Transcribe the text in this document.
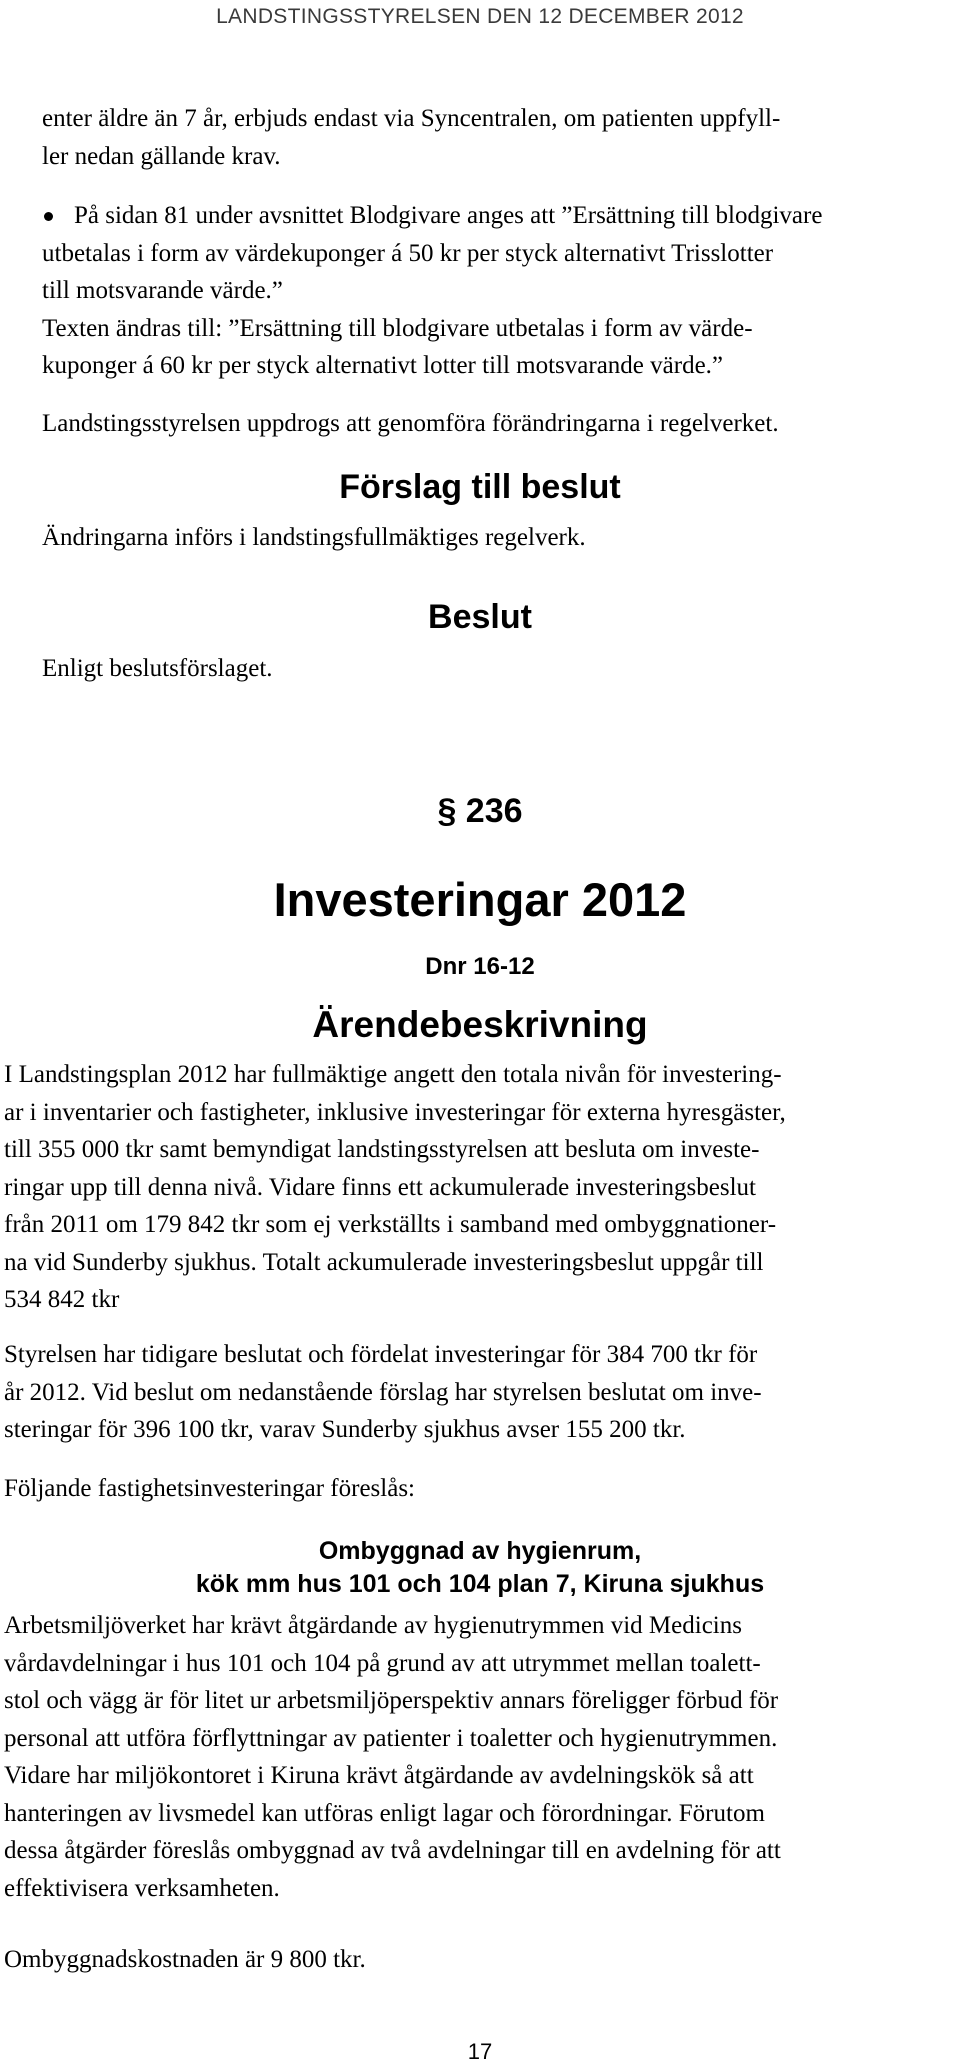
LANDSTINGSSTYRELSEN DEN 12 DECEMBER 2012
enter äldre än 7 år, erbjuds endast via Syncentralen, om patienten uppfyll-
ler nedan gällande krav.
På sidan 81 under avsnittet Blodgivare anges att ”Ersättning till blodgivare
utbetalas i form av värdekuponger á 50 kr per styck alternativt Trisslotter
till motsvarande värde.”
Texten ändras till: ”Ersättning till blodgivare utbetalas i form av värde-
kuponger á 60 kr per styck alternativt lotter till motsvarande värde.”
Landstingsstyrelsen uppdrogs att genomföra förändringarna i regelverket.
Förslag till beslut
Ändringarna införs i landstingsfullmäktiges regelverk.
Beslut
Enligt beslutsförslaget.
§ 236
Investeringar 2012
Dnr 16-12
Ärendebeskrivning
I Landstingsplan 2012 har fullmäktige angett den totala nivån för investering-
ar i inventarier och fastigheter, inklusive investeringar för externa hyresgäster,
till 355 000 tkr samt bemyndigat landstingsstyrelsen att besluta om investe-
ringar upp till denna nivå. Vidare finns ett ackumulerade investeringsbeslut
från 2011 om 179 842 tkr som ej verkställts i samband med ombyggnationer-
na vid Sunderby sjukhus. Totalt ackumulerade investeringsbeslut uppgår till
534 842 tkr
Styrelsen har tidigare beslutat och fördelat investeringar för 384 700 tkr för
år 2012. Vid beslut om nedanstående förslag har styrelsen beslutat om inve-
steringar för 396 100 tkr, varav Sunderby sjukhus avser 155 200 tkr.
Följande fastighetsinvesteringar föreslås:
Ombyggnad av hygienrum,
kök mm hus 101 och 104 plan 7, Kiruna sjukhus
Arbetsmiljöverket har krävt åtgärdande av hygienutrymmen vid Medicins
vårdavdelningar i hus 101 och 104 på grund av att utrymmet mellan toalett-
stol och vägg är för litet ur arbetsmiljöperspektiv annars föreligger förbud för
personal att utföra förflyttningar av patienter i toaletter och hygienutrymmen.
Vidare har miljökontoret i Kiruna krävt åtgärdande av avdelningskök så att
hanteringen av livsmedel kan utföras enligt lagar och förordningar. Förutom
dessa åtgärder föreslås ombyggnad av två avdelningar till en avdelning för att
effektivisera verksamheten.
Ombyggnadskostnaden är 9 800 tkr.
17
